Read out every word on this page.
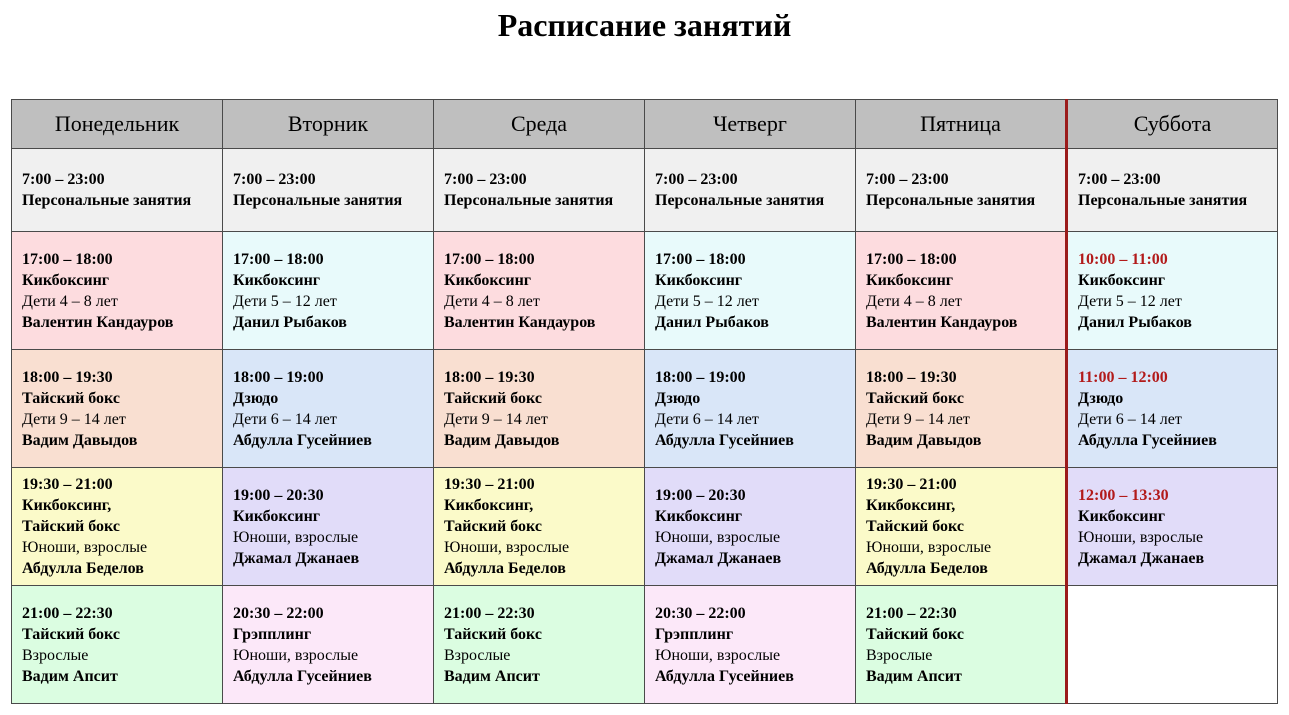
Расписание занятий
Понедельник	Вторник	Среда	Четверг	Пятница	Суббота

7:00 – 23:00
Персональные занятия	7:00 – 23:00
Персональные занятия	7:00 – 23:00
Персональные занятия	7:00 – 23:00
Персональные занятия	7:00 – 23:00
Персональные занятия	7:00 – 23:00
Персональные занятия

17:00 – 18:00
Кикбоксинг
Дети 4 – 8 лет
Валентин Кандауров	17:00 – 18:00
Кикбоксинг
Дети 5 – 12 лет
Данил Рыбаков	17:00 – 18:00
Кикбоксинг
Дети 4 – 8 лет
Валентин Кандауров	17:00 – 18:00
Кикбоксинг
Дети 5 – 12 лет
Данил Рыбаков	17:00 – 18:00
Кикбоксинг
Дети 4 – 8 лет
Валентин Кандауров	10:00 – 11:00
Кикбоксинг
Дети 5 – 12 лет
Данил Рыбаков

18:00 – 19:30
Тайский бокс
Дети 9 – 14 лет
Вадим Давыдов	18:00 – 19:00
Дзюдо
Дети 6 – 14 лет
Абдулла Гусейниев	18:00 – 19:30
Тайский бокс
Дети 9 – 14 лет
Вадим Давыдов	18:00 – 19:00
Дзюдо
Дети 6 – 14 лет
Абдулла Гусейниев	18:00 – 19:30
Тайский бокс
Дети 9 – 14 лет
Вадим Давыдов	11:00 – 12:00
Дзюдо
Дети 6 – 14 лет
Абдулла Гусейниев

19:30 – 21:00
Кикбоксинг,
Тайский бокс
Юноши, взрослые
Абдулла Беделов	19:00 – 20:30
Кикбоксинг
Юноши, взрослые
Джамал Джанаев	19:30 – 21:00
Кикбоксинг,
Тайский бокс
Юноши, взрослые
Абдулла Беделов	19:00 – 20:30
Кикбоксинг
Юноши, взрослые
Джамал Джанаев	19:30 – 21:00
Кикбоксинг,
Тайский бокс
Юноши, взрослые
Абдулла Беделов	12:00 – 13:30
Кикбоксинг
Юноши, взрослые
Джамал Джанаев

21:00 – 22:30
Тайский бокс
Взрослые
Вадим Апсит	20:30 – 22:00
Грэпплинг
Юноши, взрослые
Абдулла Гусейниев	21:00 – 22:30
Тайский бокс
Взрослые
Вадим Апсит	20:30 – 22:00
Грэпплинг
Юноши, взрослые
Абдулла Гусейниев	21:00 – 22:30
Тайский бокс
Взрослые
Вадим Апсит	
